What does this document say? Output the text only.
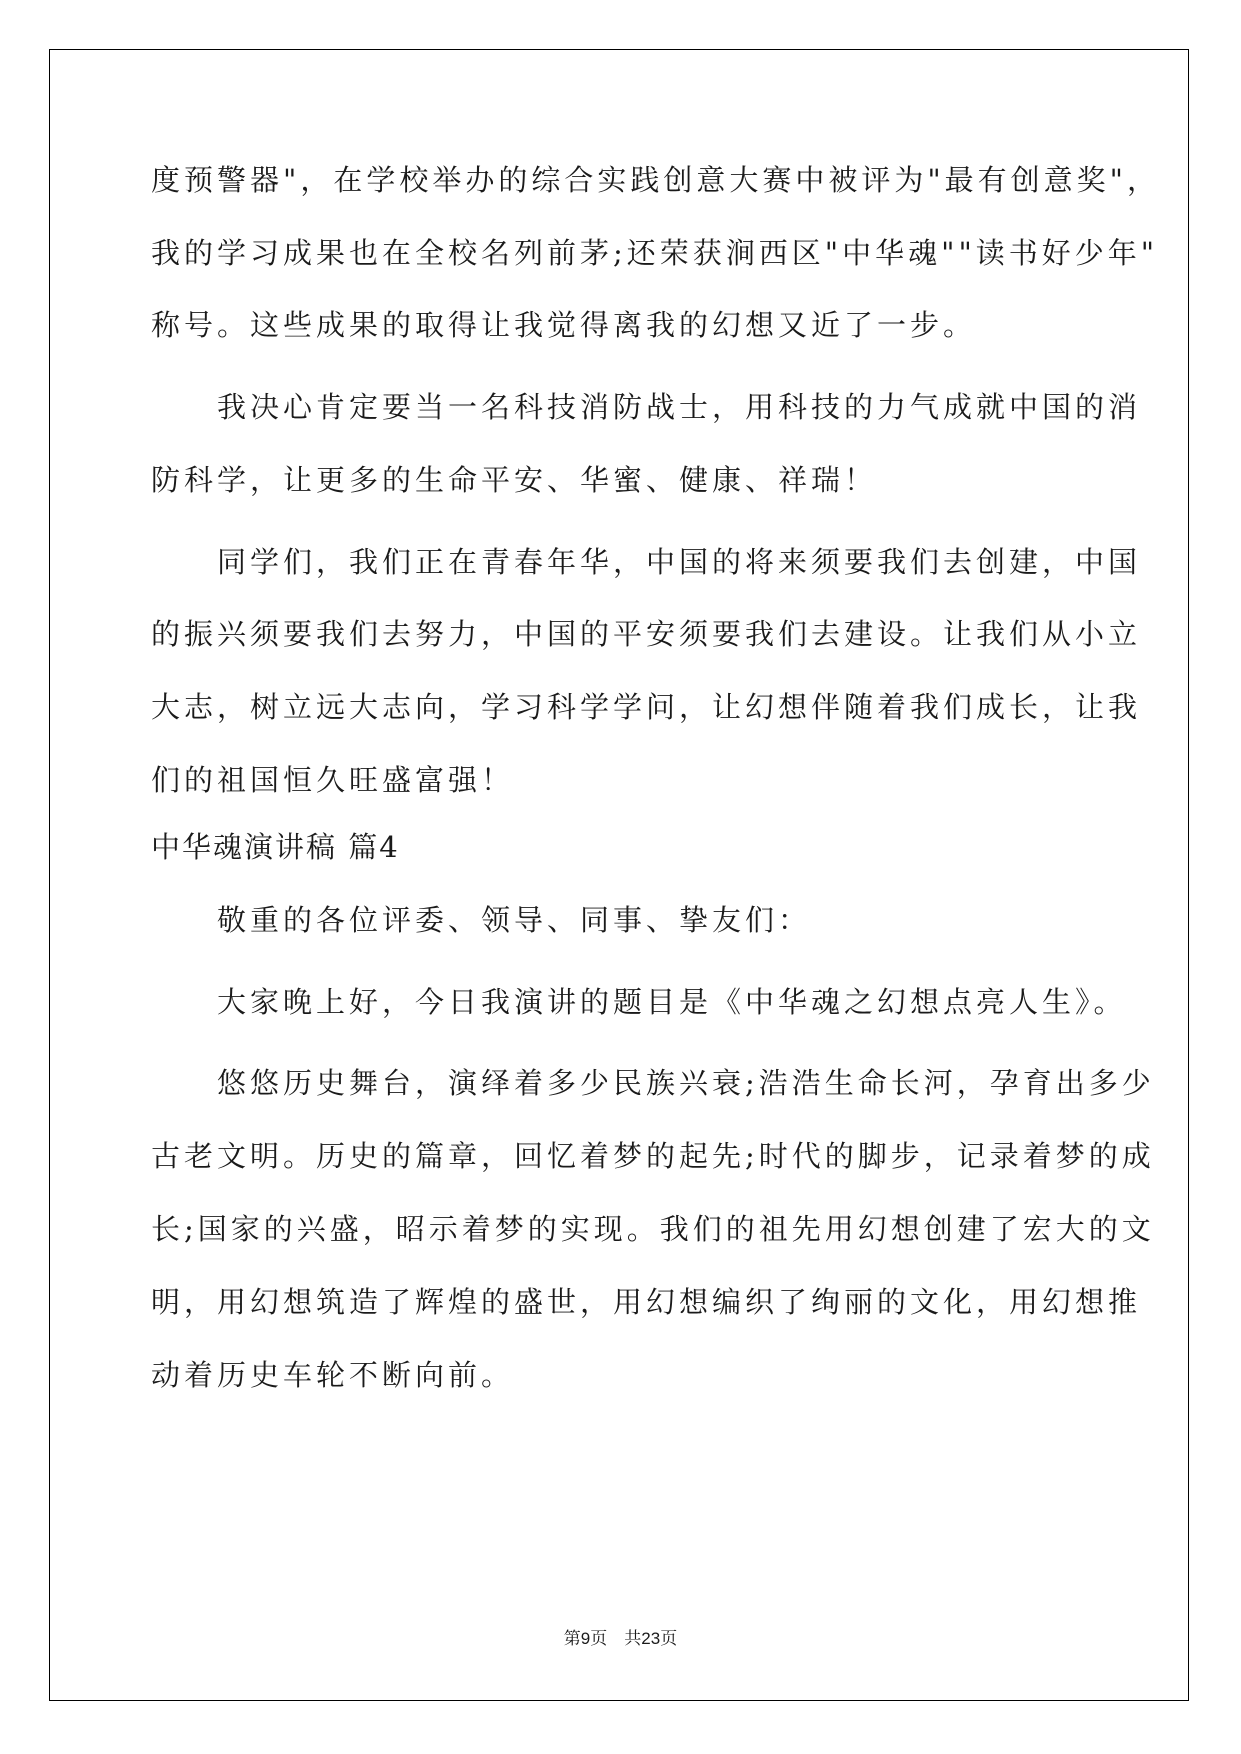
度预警器"，在学校举办的综合实践创意大赛中被评为"最有创意奖"，
我的学习成果也在全校名列前茅;还荣获涧西区"中华魂""读书好少年"
称号。这些成果的取得让我觉得离我的幻想又近了一步。
　　我决心肯定要当一名科技消防战士，用科技的力气成就中国的消
防科学，让更多的生命平安、华蜜、健康、祥瑞！
　　同学们，我们正在青春年华，中国的将来须要我们去创建，中国
的振兴须要我们去努力，中国的平安须要我们去建设。让我们从小立
大志，树立远大志向，学习科学学问，让幻想伴随着我们成长，让我
们的祖国恒久旺盛富强！
中华魂演讲稿 篇4
　　敬重的各位评委、领导、同事、挚友们：
　　大家晚上好，今日我演讲的题目是《中华魂之幻想点亮人生》。
　　悠悠历史舞台，演绎着多少民族兴衰;浩浩生命长河，孕育出多少
古老文明。历史的篇章，回忆着梦的起先;时代的脚步，记录着梦的成
长;国家的兴盛，昭示着梦的实现。我们的祖先用幻想创建了宏大的文
明，用幻想筑造了辉煌的盛世，用幻想编织了绚丽的文化，用幻想推
动着历史车轮不断向前。
第9页　共23页
